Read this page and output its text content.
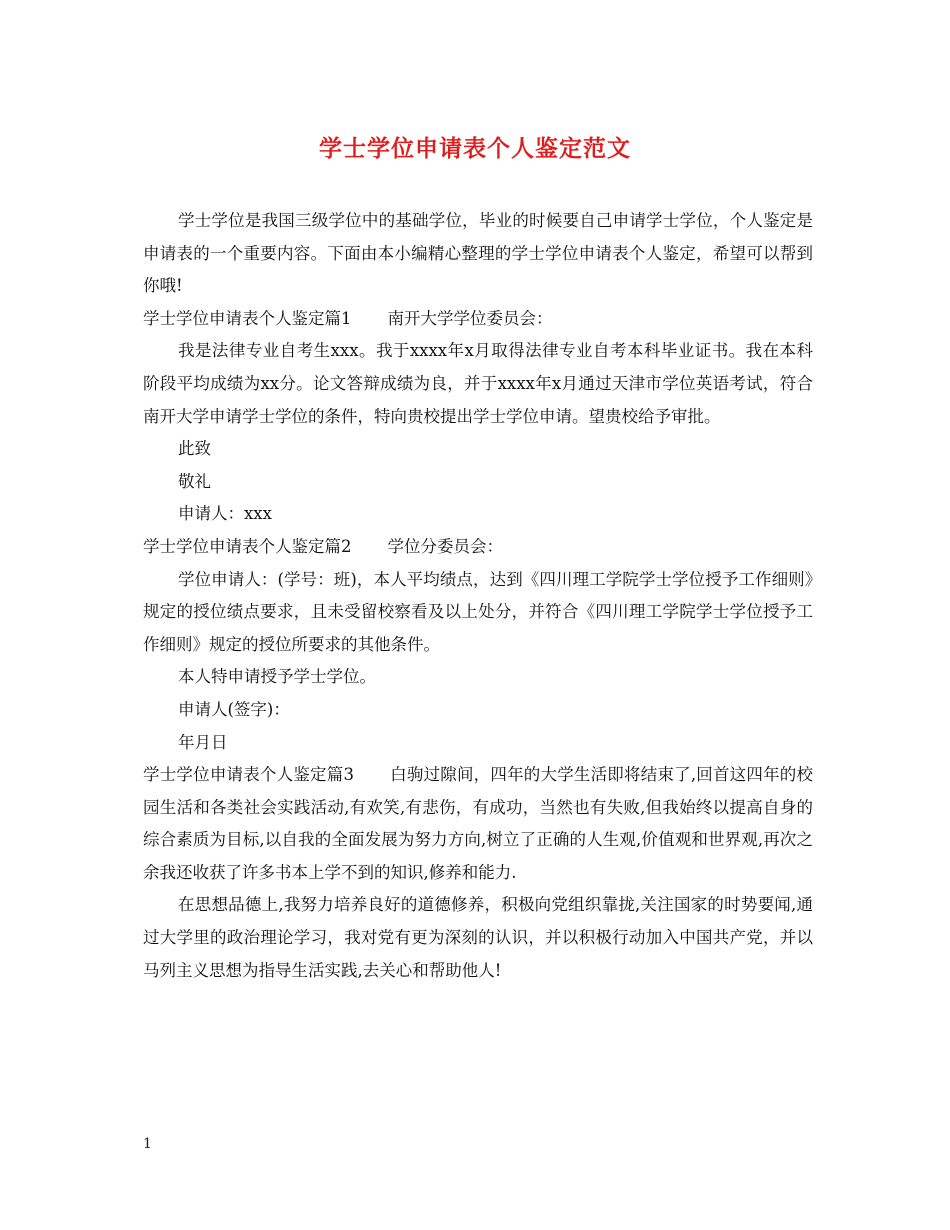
学士学位申请表个人鉴定范文

学士学位是我国三级学位中的基础学位，毕业的时候要自己申请学士学位，个人鉴定是申请表的一个重要内容。下面由本小编精心整理的学士学位申请表个人鉴定，希望可以帮到你哦!

学士学位申请表个人鉴定篇1 南开大学学位委员会：

我是法律专业自考生xxx。我于xxxx年x月取得法律专业自考本科毕业证书。我在本科阶段平均成绩为xx分。论文答辩成绩为良，并于xxxx年x月通过天津市学位英语考试，符合南开大学申请学士学位的条件，特向贵校提出学士学位申请。望贵校给予审批。

此致

敬礼

申请人：xxx

学士学位申请表个人鉴定篇2 学位分委员会：

学位申请人：(学号：班)，本人平均绩点，达到《四川理工学院学士学位授予工作细则》规定的授位绩点要求，且未受留校察看及以上处分，并符合《四川理工学院学士学位授予工作细则》规定的授位所要求的其他条件。

本人特申请授予学士学位。

申请人(签字)：

年月日

学士学位申请表个人鉴定篇3 白驹过隙间，四年的大学生活即将结束了,回首这四年的校园生活和各类社会实践活动,有欢笑,有悲伤，有成功，当然也有失败,但我始终以提高自身的综合素质为目标,以自我的全面发展为努力方向,树立了正确的人生观,价值观和世界观,再次之余我还收获了许多书本上学不到的知识,修养和能力.

在思想品德上,我努力培养良好的道德修养，积极向党组织靠拢,关注国家的时势要闻,通过大学里的政治理论学习，我对党有更为深刻的认识，并以积极行动加入中国共产党，并以马列主义思想为指导生活实践,去关心和帮助他人!

1
